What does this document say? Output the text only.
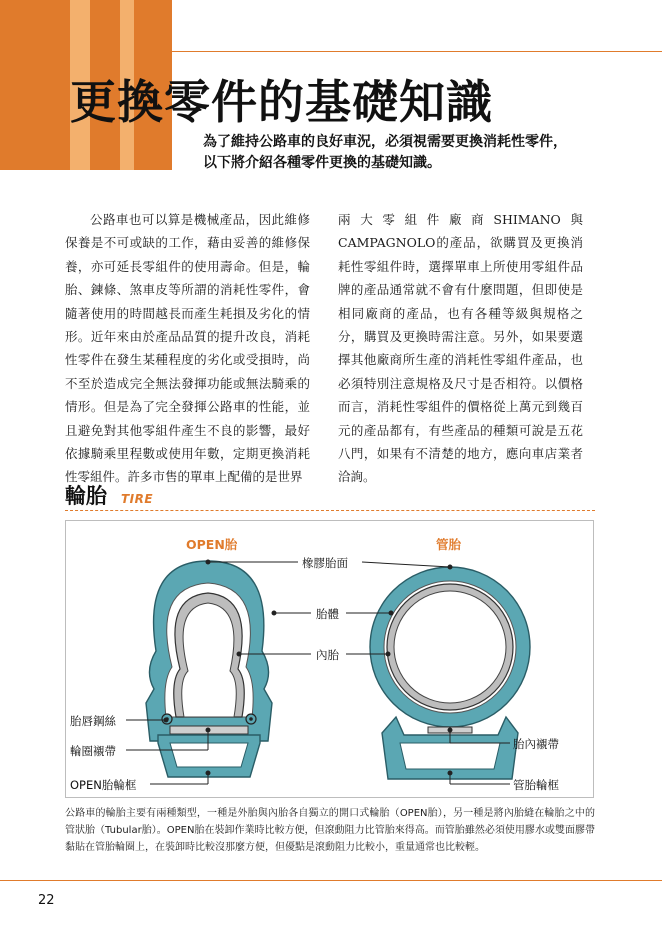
更換零件的基礎知識
為了維持公路車的良好車況，必須視需要更換消耗性零件，
以下將介紹各種零件更換的基礎知識。
公路車也可以算是機械產品，因此維修保養是不可或缺的工作，藉由妥善的維修保養，亦可延長零組件的使用壽命。但是，輪胎、鍊條、煞車皮等所謂的消耗性零件，會隨著使用的時間越長而產生耗損及劣化的情形。近年來由於產品品質的提升改良，消耗性零件在發生某種程度的劣化或受損時，尚不至於造成完全無法發揮功能或無法騎乘的情形。但是為了完全發揮公路車的性能，並且避免對其他零組件產生不良的影響，最好依據騎乘里程數或使用年數，定期更換消耗性零組件。許多市售的單車上配備的是世界
兩大零組件廠商SHIMANO與CAMPAGNOLO的產品，欲購買及更換消耗性零組件時，選擇單車上所使用零組件品牌的產品通常就不會有什麼問題，但即使是相同廠商的產品，也有各種等級與規格之分，購買及更換時需注意。另外，如果要選擇其他廠商所生產的消耗性零組件產品，也必須特別注意規格及尺寸是否相符。以價格而言，消耗性零組件的價格從上萬元到幾百元的產品都有，有些產品的種類可說是五花八門，如果有不清楚的地方，應向車店業者洽詢。
輪胎 TIRE
OPEN胎	管胎
橡膠胎面
胎體
內胎
胎唇鋼絲
輪圈襯帶
OPEN胎輪框
胎內襯帶
管胎輪框
公路車的輪胎主要有兩種類型，一種是外胎與內胎各自獨立的開口式輪胎（OPEN胎），另一種是將內胎縫在輪胎之中的管狀胎（Tubular胎）。OPEN胎在裝卸作業時比較方便，但滾動阻力比管胎來得高。而管胎雖然必須使用膠水或雙面膠帶黏貼在管胎輪圈上，在裝卸時比較沒那麼方便，但優點是滾動阻力比較小，重量通常也比較輕。
22
